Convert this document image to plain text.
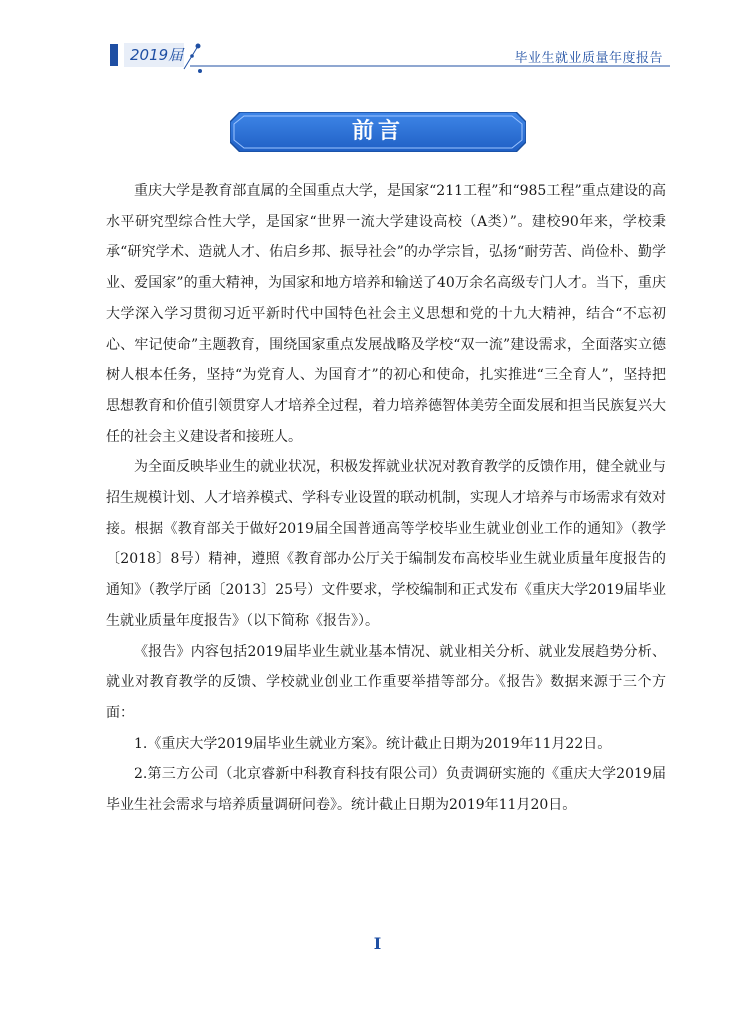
2019届	毕业生就业质量年度报告
前言

重庆大学是教育部直属的全国重点大学，是国家“211工程”和“985工程”重点建设的高水平研究型综合性大学，是国家“世界一流大学建设高校（A类）”。建校90年来，学校秉承“研究学术、造就人才、佑启乡邦、振导社会”的办学宗旨，弘扬“耐劳苦、尚俭朴、勤学业、爱国家”的重大精神，为国家和地方培养和输送了40万余名高级专门人才。当下，重庆大学深入学习贯彻习近平新时代中国特色社会主义思想和党的十九大精神，结合“不忘初心、牢记使命”主题教育，围绕国家重点发展战略及学校“双一流”建设需求，全面落实立德树人根本任务，坚持“为党育人、为国育才”的初心和使命，扎实推进“三全育人”，坚持把思想教育和价值引领贯穿人才培养全过程，着力培养德智体美劳全面发展和担当民族复兴大任的社会主义建设者和接班人。

为全面反映毕业生的就业状况，积极发挥就业状况对教育教学的反馈作用，健全就业与招生规模计划、人才培养模式、学科专业设置的联动机制，实现人才培养与市场需求有效对接。根据《教育部关于做好2019届全国普通高等学校毕业生就业创业工作的通知》（教学〔2018〕8号）精神，遵照《教育部办公厅关于编制发布高校毕业生就业质量年度报告的通知》（教学厅函〔2013〕25号）文件要求，学校编制和正式发布《重庆大学2019届毕业生就业质量年度报告》（以下简称《报告》）。

《报告》内容包括2019届毕业生就业基本情况、就业相关分析、就业发展趋势分析、就业对教育教学的反馈、学校就业创业工作重要举措等部分。《报告》数据来源于三个方面：

1.《重庆大学2019届毕业生就业方案》。统计截止日期为2019年11月22日。

2.第三方公司（北京睿新中科教育科技有限公司）负责调研实施的《重庆大学2019届毕业生社会需求与培养质量调研问卷》。统计截止日期为2019年11月20日。

I
